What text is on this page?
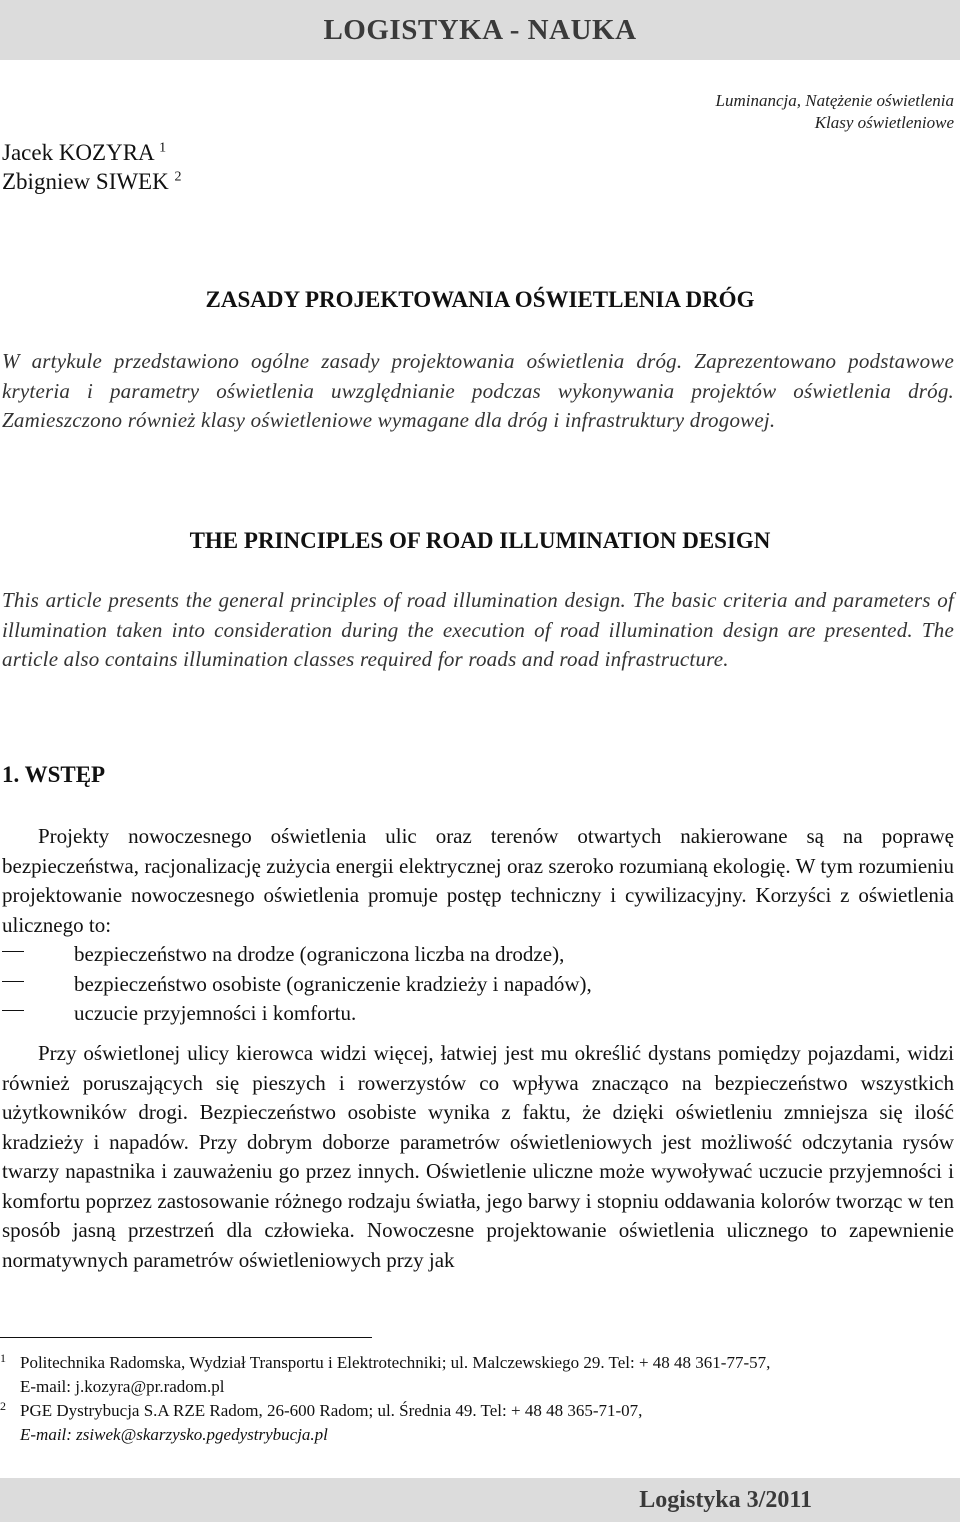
LOGISTYKA - NAUKA
Luminancja, Natężenie oświetlenia
Klasy oświetleniowe
Jacek KOZYRA $^1$
Zbigniew SIWEK $^2$
ZASADY PROJEKTOWANIA OŚWIETLENIA DRÓG

W artykule przedstawiono ogólne zasady projektowania oświetlenia dróg. Zaprezentowano podstawowe kryteria i parametry oświetlenia uwzględnianie podczas wykonywania projektów oświetlenia dróg. Zamieszczono również klasy oświetleniowe wymagane dla dróg i infrastruktury drogowej.

THE PRINCIPLES OF ROAD ILLUMINATION DESIGN

This article presents the general principles of road illumination design. The basic criteria and parameters of illumination taken into consideration during the execution of road illumination design are presented. The article also contains illumination classes required for roads and road infrastructure.

1. WSTĘP

Projekty nowoczesnego oświetlenia ulic oraz terenów otwartych nakierowane są na poprawę bezpieczeństwa, racjonalizację zużycia energii elektrycznej oraz szeroko rozumianą ekologię. W tym rozumieniu projektowanie nowoczesnego oświetlenia promuje postęp techniczny i cywilizacyjny. Korzyści z oświetlenia ulicznego to:

bezpieczeństwo na drodze (ograniczona liczba na drodze),
bezpieczeństwo osobiste (ograniczenie kradzieży i napadów),
uczucie przyjemności i komfortu.

Przy oświetlonej ulicy kierowca widzi więcej, łatwiej jest mu określić dystans pomiędzy pojazdami, widzi również poruszających się pieszych i rowerzystów co wpływa znacząco na bezpieczeństwo wszystkich użytkowników drogi. Bezpieczeństwo osobiste wynika z faktu, że dzięki oświetleniu zmniejsza się ilość kradzieży i napadów. Przy dobrym doborze parametrów oświetleniowych jest możliwość odczytania rysów twarzy napastnika i zauważeniu go przez innych. Oświetlenie uliczne może wywoływać uczucie przyjemności i komfortu poprzez zastosowanie różnego rodzaju światła, jego barwy i stopniu oddawania kolorów tworząc w ten sposób jasną przestrzeń dla człowieka. Nowoczesne projektowanie oświetlenia ulicznego to zapewnienie normatywnych parametrów oświetleniowych przy jak

1 Politechnika Radomska, Wydział Transportu i Elektrotechniki; ul. Malczewskiego 29. Tel: + 48 48 361-77-57,
E-mail: j.kozyra@pr.radom.pl
2 PGE Dystrybucja S.A RZE Radom, 26-600 Radom; ul. Średnia 49. Tel: + 48 48 365-71-07,
E-mail: zsiwek@skarzysko.pgedystrybucja.pl
Logistyka 3/2011
